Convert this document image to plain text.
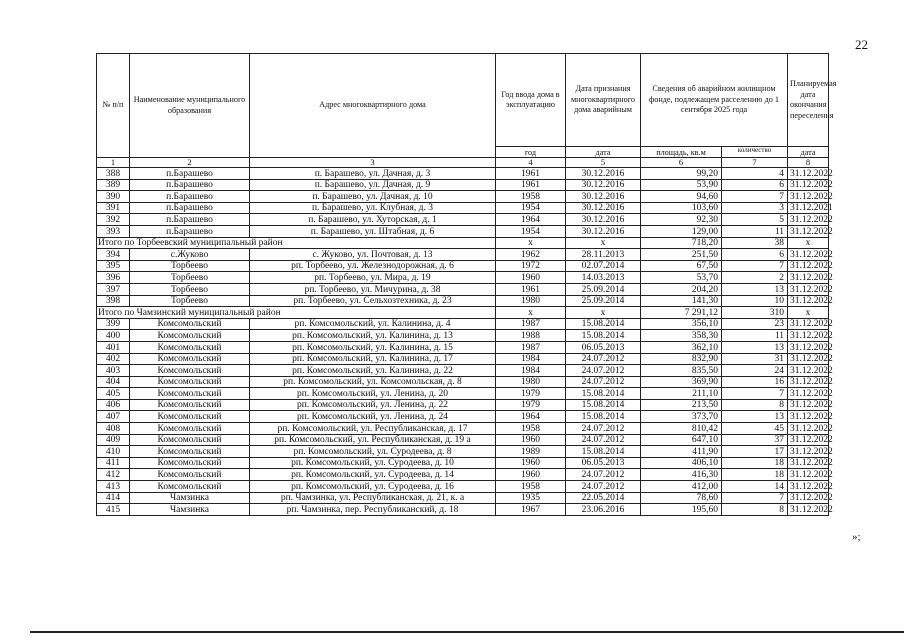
22
№ п/п	Наименование муниципального образования	Адрес многоквартирного дома	Год ввода дома в эксплуатацию	Дата признания многоквартирного дома аварийным	Сведения об аварийном жилищном фонде, подлежащем расселению до 1 сентября 2025 года		Планируемая дата окончания переселения
			год	дата	площадь, кв.м	количество	дата
1	2	3	4	5	6	7	8
388	п.Барашево	п. Барашево, ул. Дачная, д. 3	1961	30.12.2016	99,20	4	31.12.2022
389	п.Барашево	п. Барашево, ул. Дачная, д. 9	1961	30.12.2016	53,90	6	31.12.2022
390	п.Барашево	п. Барашево, ул. Дачная, д. 10	1958	30.12.2016	94,60	7	31.12.2022
391	п.Барашево	п. Барашево, ул. Клубная, д. 3	1954	30.12.2016	103,60	3	31.12.2021
392	п.Барашево	п. Барашево, ул. Хуторская, д. 1	1964	30.12.2016	92,30	5	31.12.2022
393	п.Барашево	п. Барашево, ул. Штабная, д. 6	1954	30.12.2016	129,00	11	31.12.2022
Итого по Торбеевский муниципальный район			х	х	718,20	38	х
394	с.Жуково	с. Жуково, ул. Почтовая, д. 13	1962	28.11.2013	251,50	6	31.12.2022
395	Торбеево	рп. Торбеево, ул. Железнодорожная, д. 6	1972	02.07.2014	67,50	7	31.12.2022
396	Торбеево	рп. Торбеево, ул. Мира, д. 19	1960	14.03.2013	53,70	2	31.12.2022
397	Торбеево	рп. Торбеево, ул. Мичурина, д. 38	1961	25.09.2014	204,20	13	31.12.2022
398	Торбеево	рп. Торбеево, ул. Сельхозтехника, д. 23	1980	25.09.2014	141,30	10	31.12.2022
Итого по Чамзинский муниципальный район			х	х	7 291,12	310	х
399	Комсомольский	рп. Комсомольский, ул. Калинина, д. 4	1987	15.08.2014	356,10	23	31.12.2022
400	Комсомольский	рп. Комсомольский, ул. Калинина, д. 13	1988	15.08.2014	358,30	11	31.12.2022
401	Комсомольский	рп. Комсомольский, ул. Калинина, д. 15	1987	06.05.2013	362,10	13	31.12.2022
402	Комсомольский	рп. Комсомольский, ул. Калинина, д. 17	1984	24.07.2012	832,90	31	31.12.2022
403	Комсомольский	рп. Комсомольский, ул. Калинина, д. 22	1984	24.07.2012	835,50	24	31.12.2022
404	Комсомольский	рп. Комсомольский, ул. Комсомольская, д. 8	1980	24.07.2012	369,90	16	31.12.2022
405	Комсомольский	рп. Комсомольский, ул. Ленина, д. 20	1979	15.08.2014	211,10	7	31.12.2022
406	Комсомольский	рп. Комсомольский, ул. Ленина, д. 22	1979	15.08.2014	213,50	8	31.12.2022
407	Комсомольский	рп. Комсомольский, ул. Ленина, д. 24	1964	15.08.2014	373,70	13	31.12.2022
408	Комсомольский	рп. Комсомольский, ул. Республиканская, д. 17	1958	24.07.2012	810,42	45	31.12.2022
409	Комсомольский	рп. Комсомольский, ул. Республиканская, д. 19 а	1960	24.07.2012	647,10	37	31.12.2022
410	Комсомольский	рп. Комсомольский, ул. Суродеева, д. 8	1989	15.08.2014	411,90	17	31.12.2022
411	Комсомольский	рп. Комсомольский, ул. Суродеева, д. 10	1960	06.05.2013	406,10	18	31.12.2022
412	Комсомольский	рп. Комсомольский, ул. Суродеева, д. 14	1960	24.07.2012	416,30	18	31.12.2022
413	Комсомольский	рп. Комсомольский, ул. Суродеева, д. 16	1958	24.07.2012	412,00	14	31.12.2022
414	Чамзинка	рп. Чамзинка, ул. Республиканская, д. 21, к. а	1935	22.05.2014	78,60	7	31.12.2022
415	Чамзинка	рп. Чамзинка, пер. Республиканский, д. 18	1967	23.06.2016	195,60	8	31.12.2022
»;
